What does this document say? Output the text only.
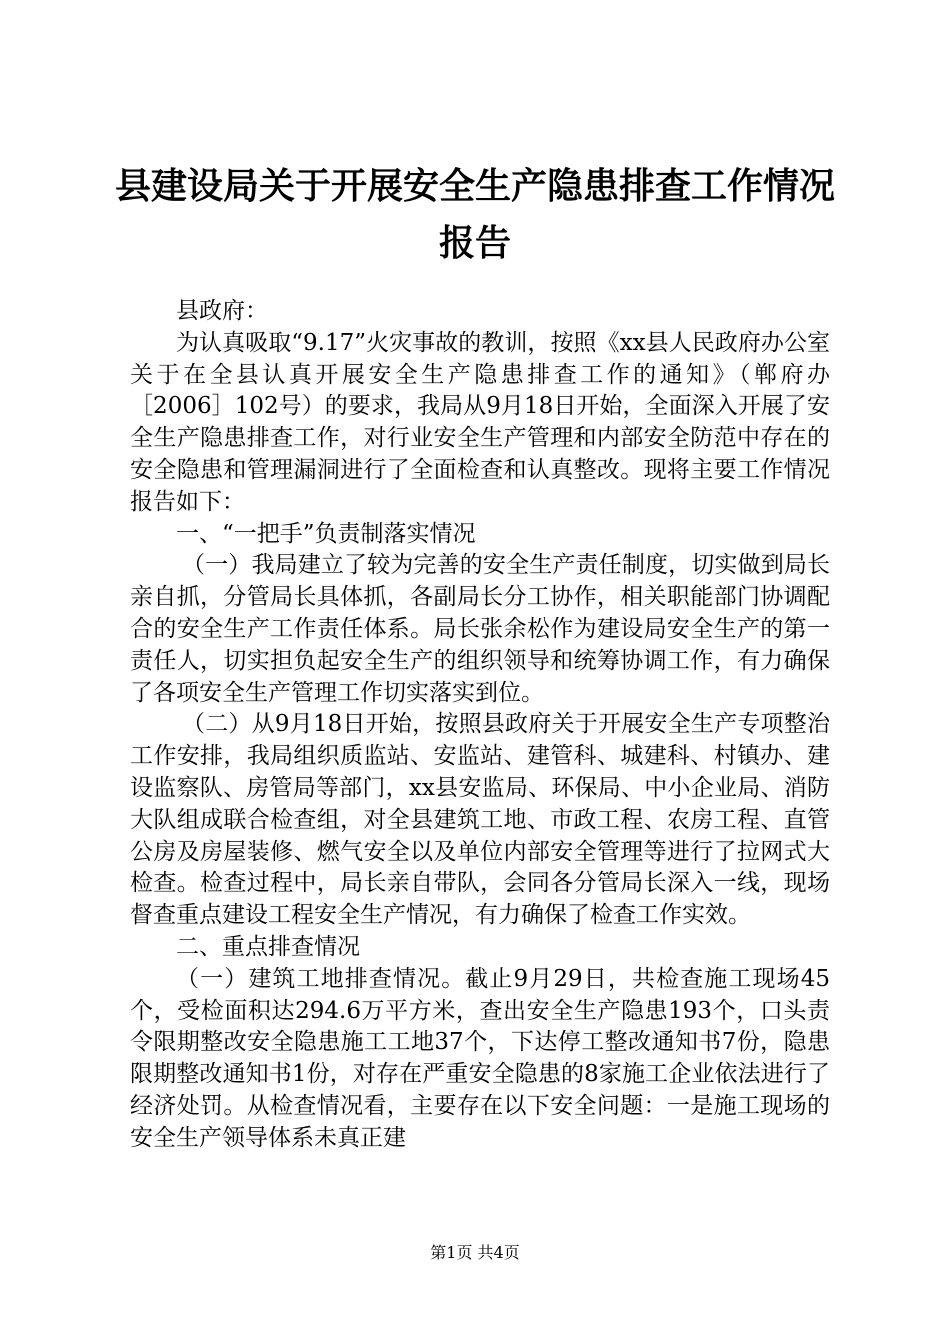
县建设局关于开展安全生产隐患排查工作情况
报告

县政府：

为认真吸取“9.17”火灾事故的教训，按照《xx县人民政府办公室关于在全县认真开展安全生产隐患排查工作的通知》（郸府办［2006］102号）的要求，我局从9月18日开始，全面深入开展了安全生产隐患排查工作，对行业安全生产管理和内部安全防范中存在的安全隐患和管理漏洞进行了全面检查和认真整改。现将主要工作情况报告如下：

一、“一把手”负责制落实情况

（一）我局建立了较为完善的安全生产责任制度，切实做到局长亲自抓，分管局长具体抓，各副局长分工协作，相关职能部门协调配合的安全生产工作责任体系。局长张余松作为建设局安全生产的第一责任人，切实担负起安全生产的组织领导和统筹协调工作，有力确保了各项安全生产管理工作切实落实到位。

（二）从9月18日开始，按照县政府关于开展安全生产专项整治工作安排，我局组织质监站、安监站、建管科、城建科、村镇办、建设监察队、房管局等部门，xx县安监局、环保局、中小企业局、消防大队组成联合检查组，对全县建筑工地、市政工程、农房工程、直管公房及房屋装修、燃气安全以及单位内部安全管理等进行了拉网式大检查。检查过程中，局长亲自带队，会同各分管局长深入一线，现场督查重点建设工程安全生产情况，有力确保了检查工作实效。

二、重点排查情况

（一）建筑工地排查情况。截止9月29日，共检查施工现场45个，受检面积达294.6万平方米，查出安全生产隐患193个，口头责令限期整改安全隐患施工工地37个，下达停工整改通知书7份，隐患限期整改通知书1份，对存在严重安全隐患的8家施工企业依法进行了经济处罚。从检查情况看，主要存在以下安全问题：一是施工现场的安全生产领导体系未真正建

第1页 共4页
